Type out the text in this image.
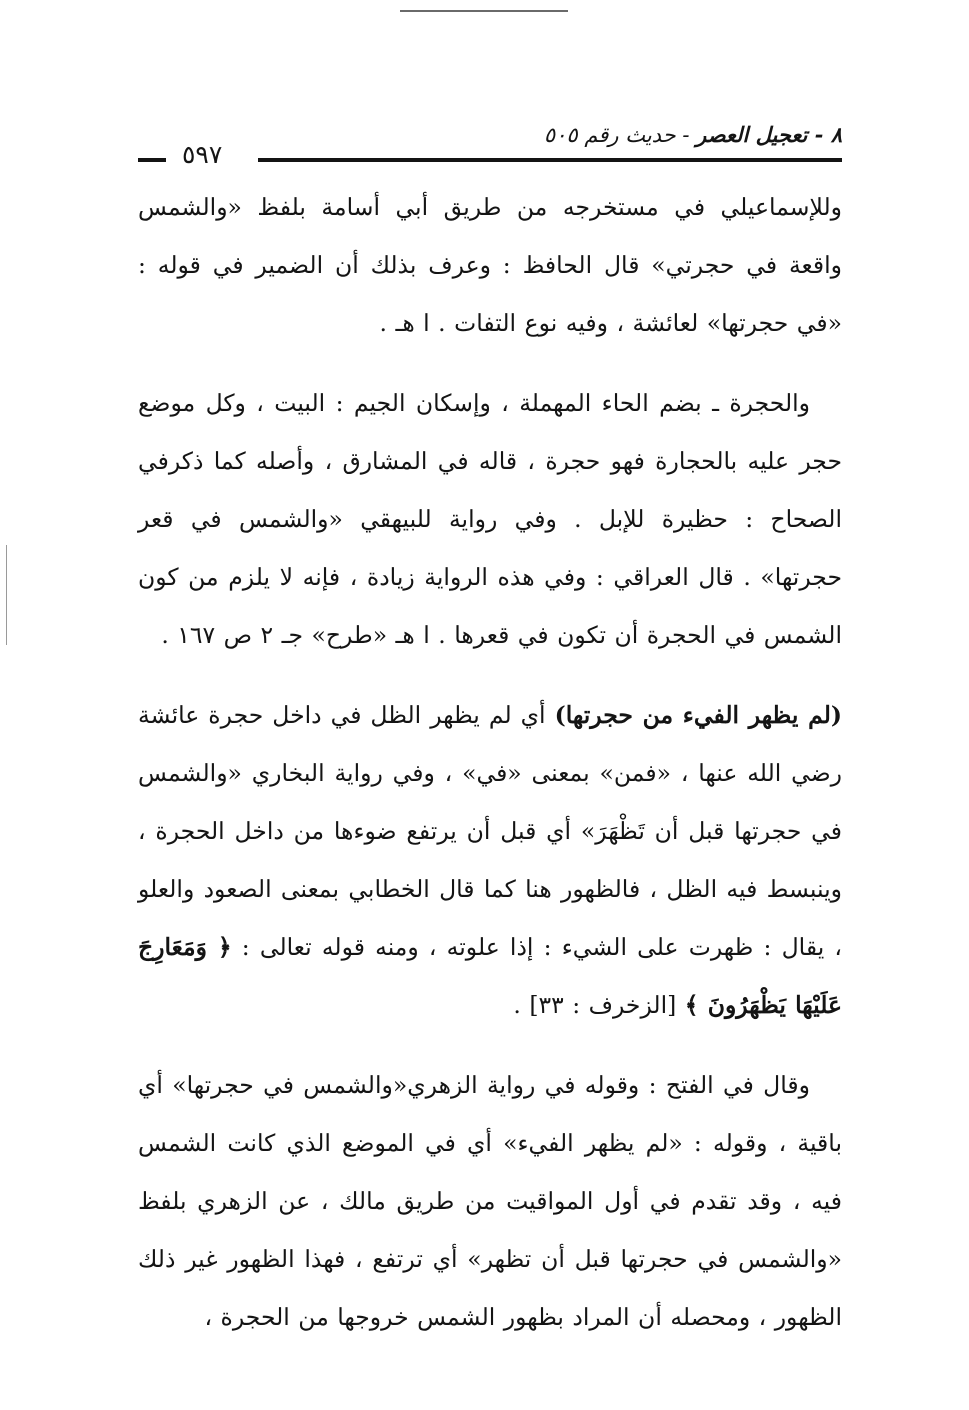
٨ - تعجيل العصر - حديث رقم ٥٠٥
٥٩٧

وللإسماعيلي في مستخرجه من طريق أبي أسامة بلفظ «والشمس واقعة في حجرتي» قال الحافظ : وعرف بذلك أن الضمير في قوله : «في حجرتها» لعائشة ، وفيه نوع التفات . ا هـ .

والحجرة ـ بضم الحاء المهملة ، وإسكان الجيم : البيت ، وكل موضع حجر عليه بالحجارة فهو حجرة ، قاله في المشارق ، وأصله كما ذكرفي الصحاح : حظيرة للإبل . وفي رواية للبيهقي «والشمس في قعر حجرتها» . قال العراقي : وفي هذه الرواية زيادة ، فإنه لا يلزم من كون الشمس في الحجرة أن تكون في قعرها . ا هـ «طرح» جـ ٢ ص ١٦٧ .

(لم يظهر الفيء من حجرتها) أي لم يظهر الظل في داخل حجرة عائشة رضي الله عنها ، «فمن» بمعنى «في» ، وفي رواية البخاري «والشمس في حجرتها قبل أن تَظْهَرَ» أي قبل أن يرتفع ضوءها من داخل الحجرة ، وينبسط فيه الظل ، فالظهور هنا كما قال الخطابي بمعنى الصعود والعلو ، يقال : ظهرت على الشيء : إذا علوته ، ومنه قوله تعالى : ﴿ وَمَعَارِجَ عَلَيْهَا يَظْهَرُونَ ﴾ [الزخرف : ٣٣] .

وقال في الفتح : وقوله في رواية الزهري«والشمس في حجرتها» أي باقية ، وقوله : «لم يظهر الفيء» أي في الموضع الذي كانت الشمس فيه ، وقد تقدم في أول المواقيت من طريق مالك ، عن الزهري بلفظ «والشمس في حجرتها قبل أن تظهر» أي ترتفع ، فهذا الظهور غير ذلك الظهور ، ومحصله أن المراد بظهور الشمس خروجها من الحجرة ،
